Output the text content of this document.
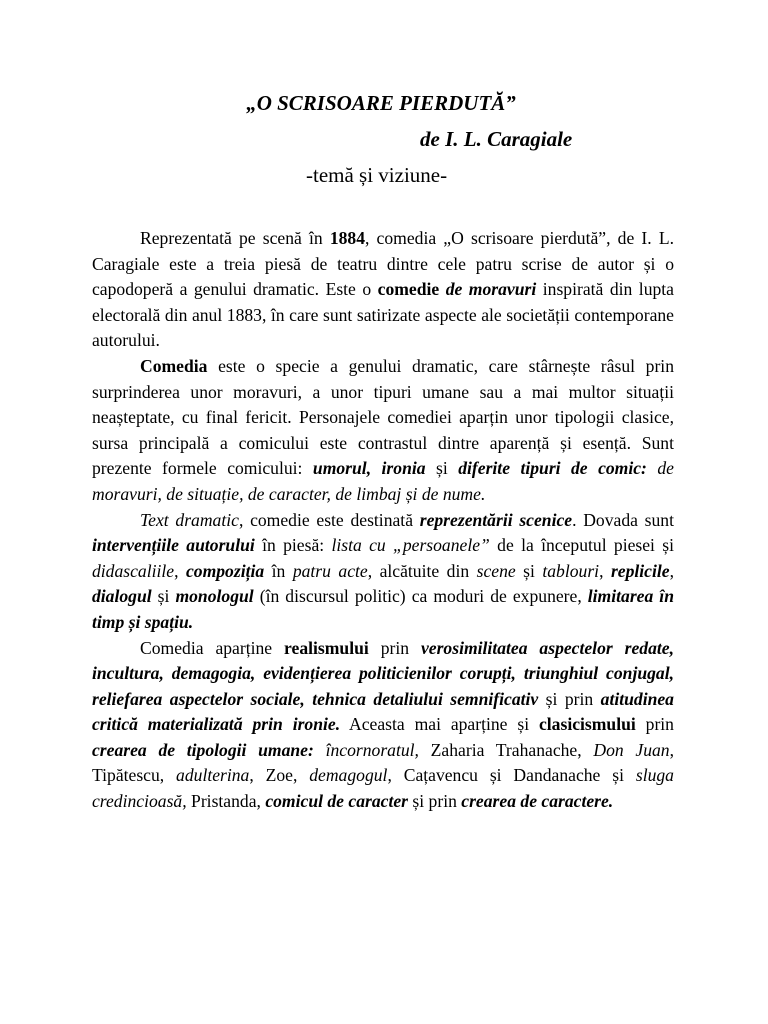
„O SCRISOARE PIERDUTĂ”
de I. L. Caragiale
-temă și viziune-

Reprezentată pe scenă în 1884, comedia „O scrisoare pierdută”, de I. L. Caragiale este a treia piesă de teatru dintre cele patru scrise de autor și o capodoperă a genului dramatic. Este o comedie de moravuri inspirată din lupta electorală din anul 1883, în care sunt satirizate aspecte ale societății contemporane autorului.

Comedia este o specie a genului dramatic, care stârnește râsul prin surprinderea unor moravuri, a unor tipuri umane sau a mai multor situații neașteptate, cu final fericit. Personajele comediei aparțin unor tipologii clasice, sursa principală a comicului este contrastul dintre aparență și esență. Sunt prezente formele comicului: umorul, ironia și diferite tipuri de comic: de moravuri, de situație, de caracter, de limbaj și de nume.

Text dramatic, comedie este destinată reprezentării scenice. Dovada sunt intervențiile autorului în piesă: lista cu „persoanele” de la începutul piesei și didascaliile, compoziția în patru acte, alcătuite din scene și tablouri, replicile, dialogul și monologul (în discursul politic) ca moduri de expunere, limitarea în timp și spațiu.

Comedia aparține realismului prin verosimilitatea aspectelor redate, incultura, demagogia, evidențierea politicienilor corupți, triunghiul conjugal, reliefarea aspectelor sociale, tehnica detaliului semnificativ și prin atitudinea critică materializată prin ironie. Aceasta mai aparține și clasicismului prin crearea de tipologii umane: încornoratul, Zaharia Trahanache, Don Juan, Tipătescu, adulterina, Zoe, demagogul, Cațavencu și Dandanache și sluga credincioasă, Pristanda, comicul de caracter și prin crearea de caractere.
